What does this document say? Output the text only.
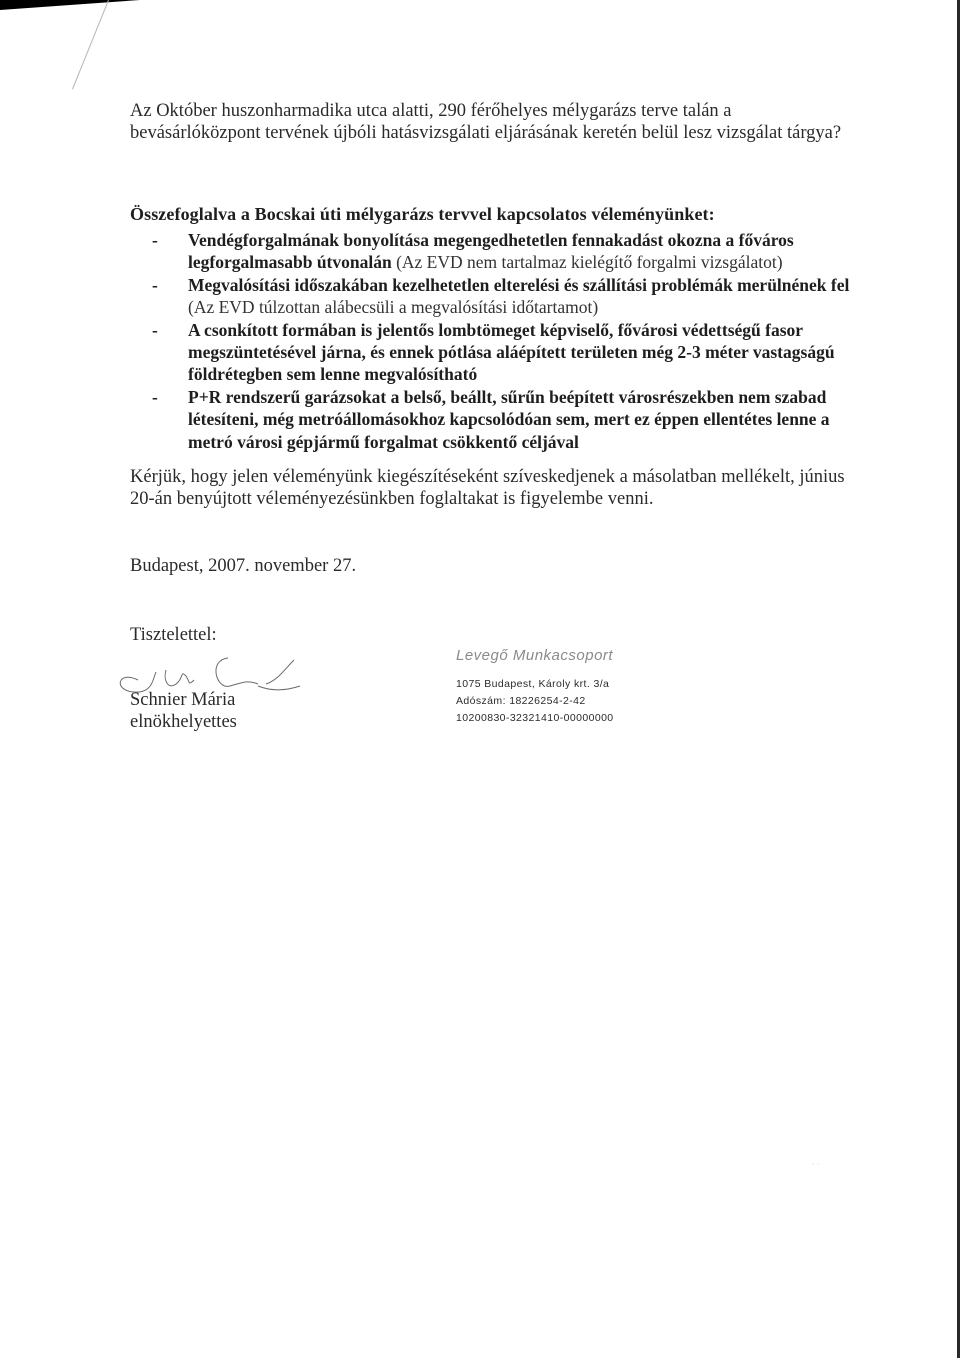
Az Október huszonharmadika utca alatti, 290 férőhelyes mélygarázs terve talán a bevásárlóközpont tervének újbóli hatásvizsgálati eljárásának keretén belül lesz vizsgálat tárgya?

Összefoglalva a Bocskai úti mélygarázs tervvel kapcsolatos véleményünket:
- Vendégforgalmának bonyolítása megengedhetetlen fennakadást okozna a főváros legforgalmasabb útvonalán (Az EVD nem tartalmaz kielégítő forgalmi vizsgálatot)
- Megvalósítási időszakában kezelhetetlen elterelési és szállítási problémák merülnének fel (Az EVD túlzottan alábecsüli a megvalósítási időtartamot)
- A csonkított formában is jelentős lombtömeget képviselő, fővárosi védettségű fasor megszüntetésével járna, és ennek pótlása aláépített területen még 2-3 méter vastagságú földrétegben sem lenne megvalósítható
- P+R rendszerű garázsokat a belső, beállt, sűrűn beépített városrészekben nem szabad létesíteni, még metróállomásokhoz kapcsolódóan sem, mert ez éppen ellentétes lenne a metró városi gépjármű forgalmat csökkentő céljával

Kérjük, hogy jelen véleményünk kiegészítéseként szíveskedjenek a másolatban mellékelt, június 20-án benyújtott véleményezésünkben foglaltakat is figyelembe venni.

Budapest, 2007. november 27.
Tisztelettel:
Schnier Mária
elnökhelyettes
Levegő Munkacsoport
1075 Budapest, Károly krt. 3/a
Adószám: 18226254-2-42
10200830-32321410-00000000
· ·
